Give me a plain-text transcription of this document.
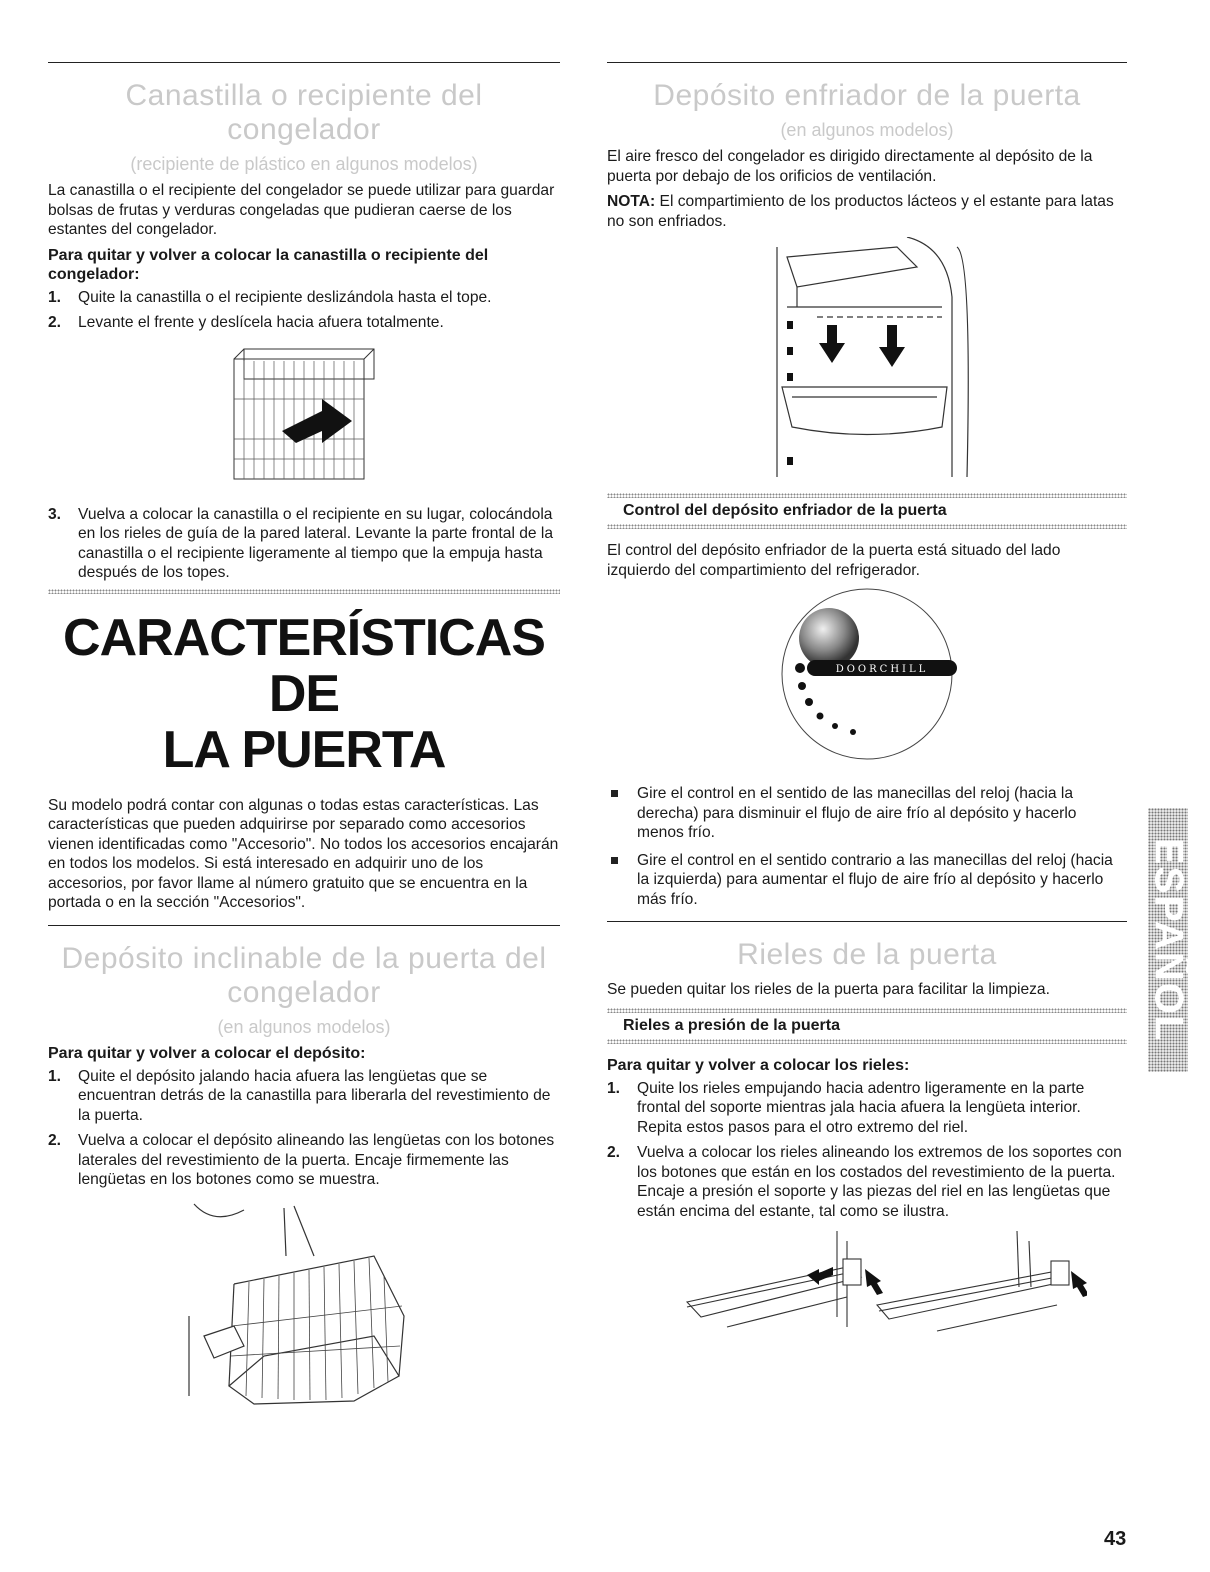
Canastilla o recipiente del congelador
(recipiente de plástico en algunos modelos)

La canastilla o el recipiente del congelador se puede utilizar para guardar bolsas de frutas y verduras congeladas que pudieran caerse de los estantes del congelador.

Para quitar y volver a colocar la canastilla o recipiente del congelador:
1. Quite la canastilla o el recipiente deslizándola hasta el tope.
2. Levante el frente y deslícela hacia afuera totalmente.
3. Vuelva a colocar la canastilla o el recipiente en su lugar, colocándola en los rieles de guía de la pared lateral. Levante la parte frontal de la canastilla o el recipiente ligeramente al tiempo que la empuja hasta después de los topes.
CARACTERÍSTICAS DE
LA PUERTA

Su modelo podrá contar con algunas o todas estas características. Las características que pueden adquirirse por separado como accesorios vienen identificadas como "Accesorio". No todos los accesorios encajarán en todos los modelos. Si está interesado en adquirir uno de los accesorios, por favor llame al número gratuito que se encuentra en la portada o en la sección "Accesorios".

Depósito inclinable de la puerta del
congelador
(en algunos modelos)
Para quitar y volver a colocar el depósito:
1. Quite el depósito jalando hacia afuera las lengüetas que se encuentran detrás de la canastilla para liberarla del revestimiento de la puerta.
2. Vuelva a colocar el depósito alineando las lengüetas con los botones laterales del revestimiento de la puerta. Encaje firmemente las lengüetas en los botones como se muestra.
Depósito enfriador de la puerta
(en algunos modelos)

El aire fresco del congelador es dirigido directamente al depósito de la puerta por debajo de los orificios de ventilación.

NOTA: El compartimiento de los productos lácteos y el estante para latas no son enfriados.

Control del depósito enfriador de la puerta

El control del depósito enfriador de la puerta está situado del lado izquierdo del compartimiento del refrigerador.

DOORCHILL
Gire el control en el sentido de las manecillas del reloj (hacia la derecha) para disminuir el flujo de aire frío al depósito y hacerlo menos frío.
Gire el control en el sentido contrario a las manecillas del reloj (hacia la izquierda) para aumentar el flujo de aire frío al depósito y hacerlo más frío.
Rieles de la puerta

Se pueden quitar los rieles de la puerta para facilitar la limpieza.

Rieles a presión de la puerta
Para quitar y volver a colocar los rieles:
1. Quite los rieles empujando hacia adentro ligeramente en la parte frontal del soporte mientras jala hacia afuera la lengüeta interior. Repita estos pasos para el otro extremo del riel.
2. Vuelva a colocar los rieles alineando los extremos de los soportes con los botones que están en los costados del revestimiento de la puerta. Encaje a presión el soporte y las piezas del riel en las lengüetas que están encima del estante, tal como se ilustra.
ESPAÑOL
43
